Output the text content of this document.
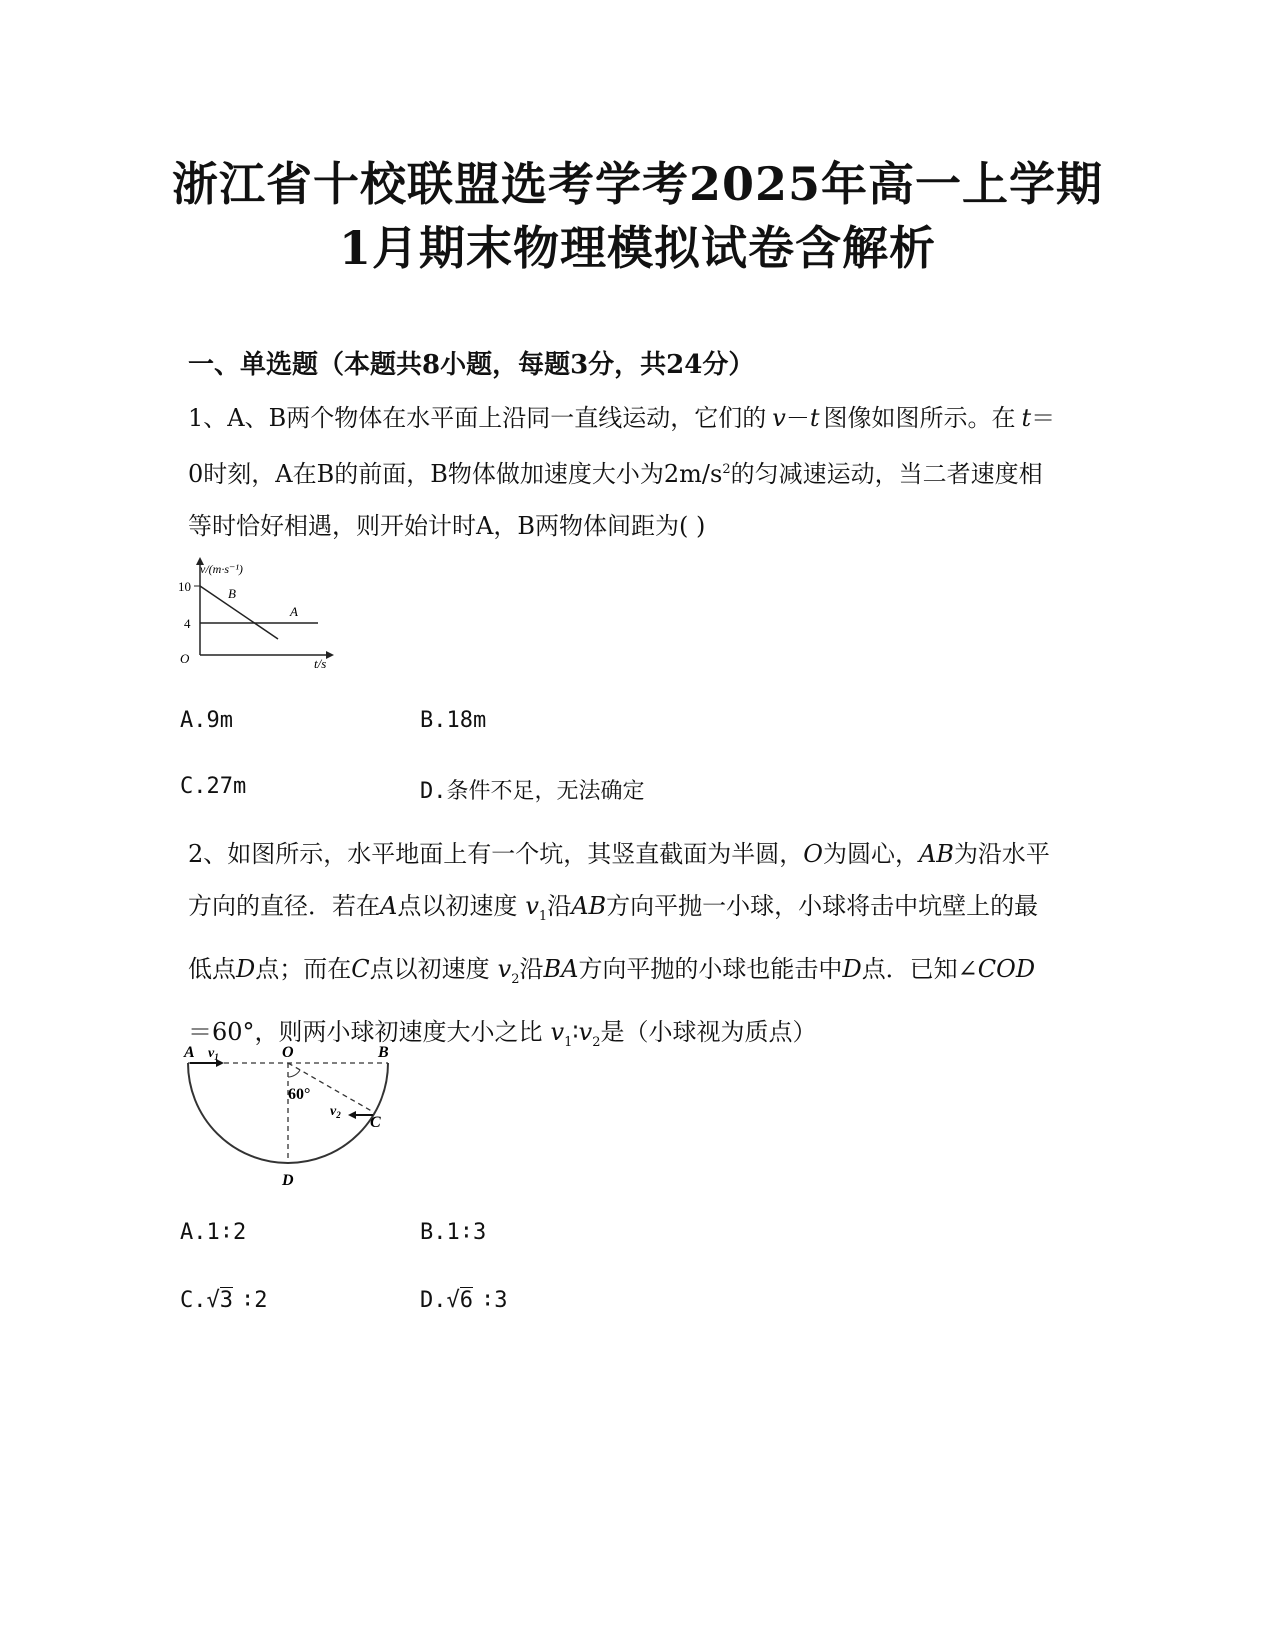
浙江省十校联盟选考学考2025年高一上学期
1月期末物理模拟试卷含解析
一、单选题（本题共8小题，每题3分，共24分）
1、A、B两个物体在水平面上沿同一直线运动，它们的 v－t 图像如图所示。在 t＝
0时刻，A在B的前面，B物体做加速度大小为$2m/s^2$的匀减速运动，当二者速度相
等时恰好相遇，则开始计时A，B两物体间距为( )
v/(m·s⁻¹)
10
4
O
B
A
t/s
A.9m	B.18m
C.27m	D.条件不足，无法确定
2、如图所示，水平地面上有一个坑，其竖直截面为半圆，O为圆心，AB为沿水平
方向的直径．若在A点以初速度 $v_1$沿AB方向平抛一小球，小球将击中坑壁上的最
低点D点；而在C点以初速度 $v_2$沿BA方向平抛的小球也能击中D点．已知∠COD
＝60°，则两小球初速度大小之比 $v_1∶v_2$是（小球视为质点）
A $v_1$	O	B
60°
$v_2$ C
D
A.1∶2	B.1∶3
C.√3 ∶2	D.√6 ∶3
